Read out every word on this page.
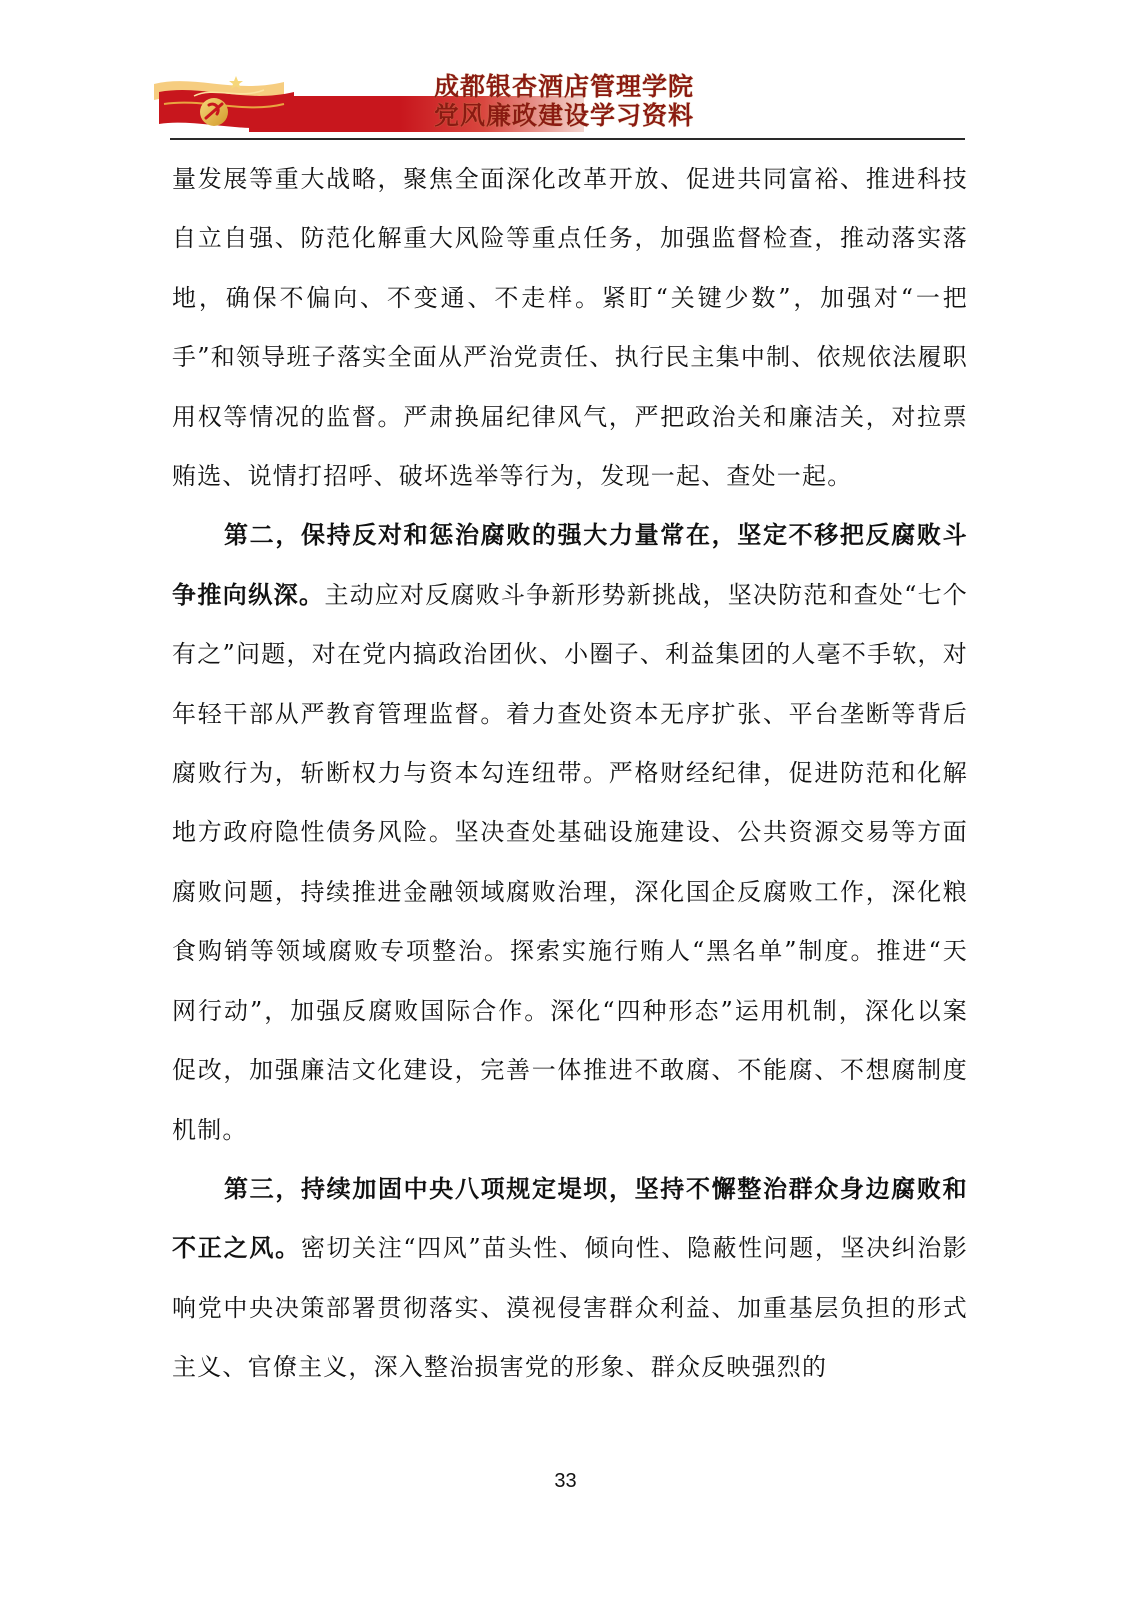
成都银杏酒店管理学院
党风廉政建设学习资料

量发展等重大战略，聚焦全面深化改革开放、促进共同富裕、推进科技自立自强、防范化解重大风险等重点任务，加强监督检查，推动落实落地，确保不偏向、不变通、不走样。紧盯“关键少数”，加强对“一把手”和领导班子落实全面从严治党责任、执行民主集中制、依规依法履职用权等情况的监督。严肃换届纪律风气，严把政治关和廉洁关，对拉票贿选、说情打招呼、破坏选举等行为，发现一起、查处一起。

第二，保持反对和惩治腐败的强大力量常在，坚定不移把反腐败斗争推向纵深。主动应对反腐败斗争新形势新挑战，坚决防范和查处“七个有之”问题，对在党内搞政治团伙、小圈子、利益集团的人毫不手软，对年轻干部从严教育管理监督。着力查处资本无序扩张、平台垄断等背后腐败行为，斩断权力与资本勾连纽带。严格财经纪律，促进防范和化解地方政府隐性债务风险。坚决查处基础设施建设、公共资源交易等方面腐败问题，持续推进金融领域腐败治理，深化国企反腐败工作，深化粮食购销等领域腐败专项整治。探索实施行贿人“黑名单”制度。推进“天网行动”，加强反腐败国际合作。深化“四种形态”运用机制，深化以案促改，加强廉洁文化建设，完善一体推进不敢腐、不能腐、不想腐制度机制。

第三，持续加固中央八项规定堤坝，坚持不懈整治群众身边腐败和不正之风。密切关注“四风”苗头性、倾向性、隐蔽性问题，坚决纠治影响党中央决策部署贯彻落实、漠视侵害群众利益、加重基层负担的形式主义、官僚主义，深入整治损害党的形象、群众反映强烈的

33
